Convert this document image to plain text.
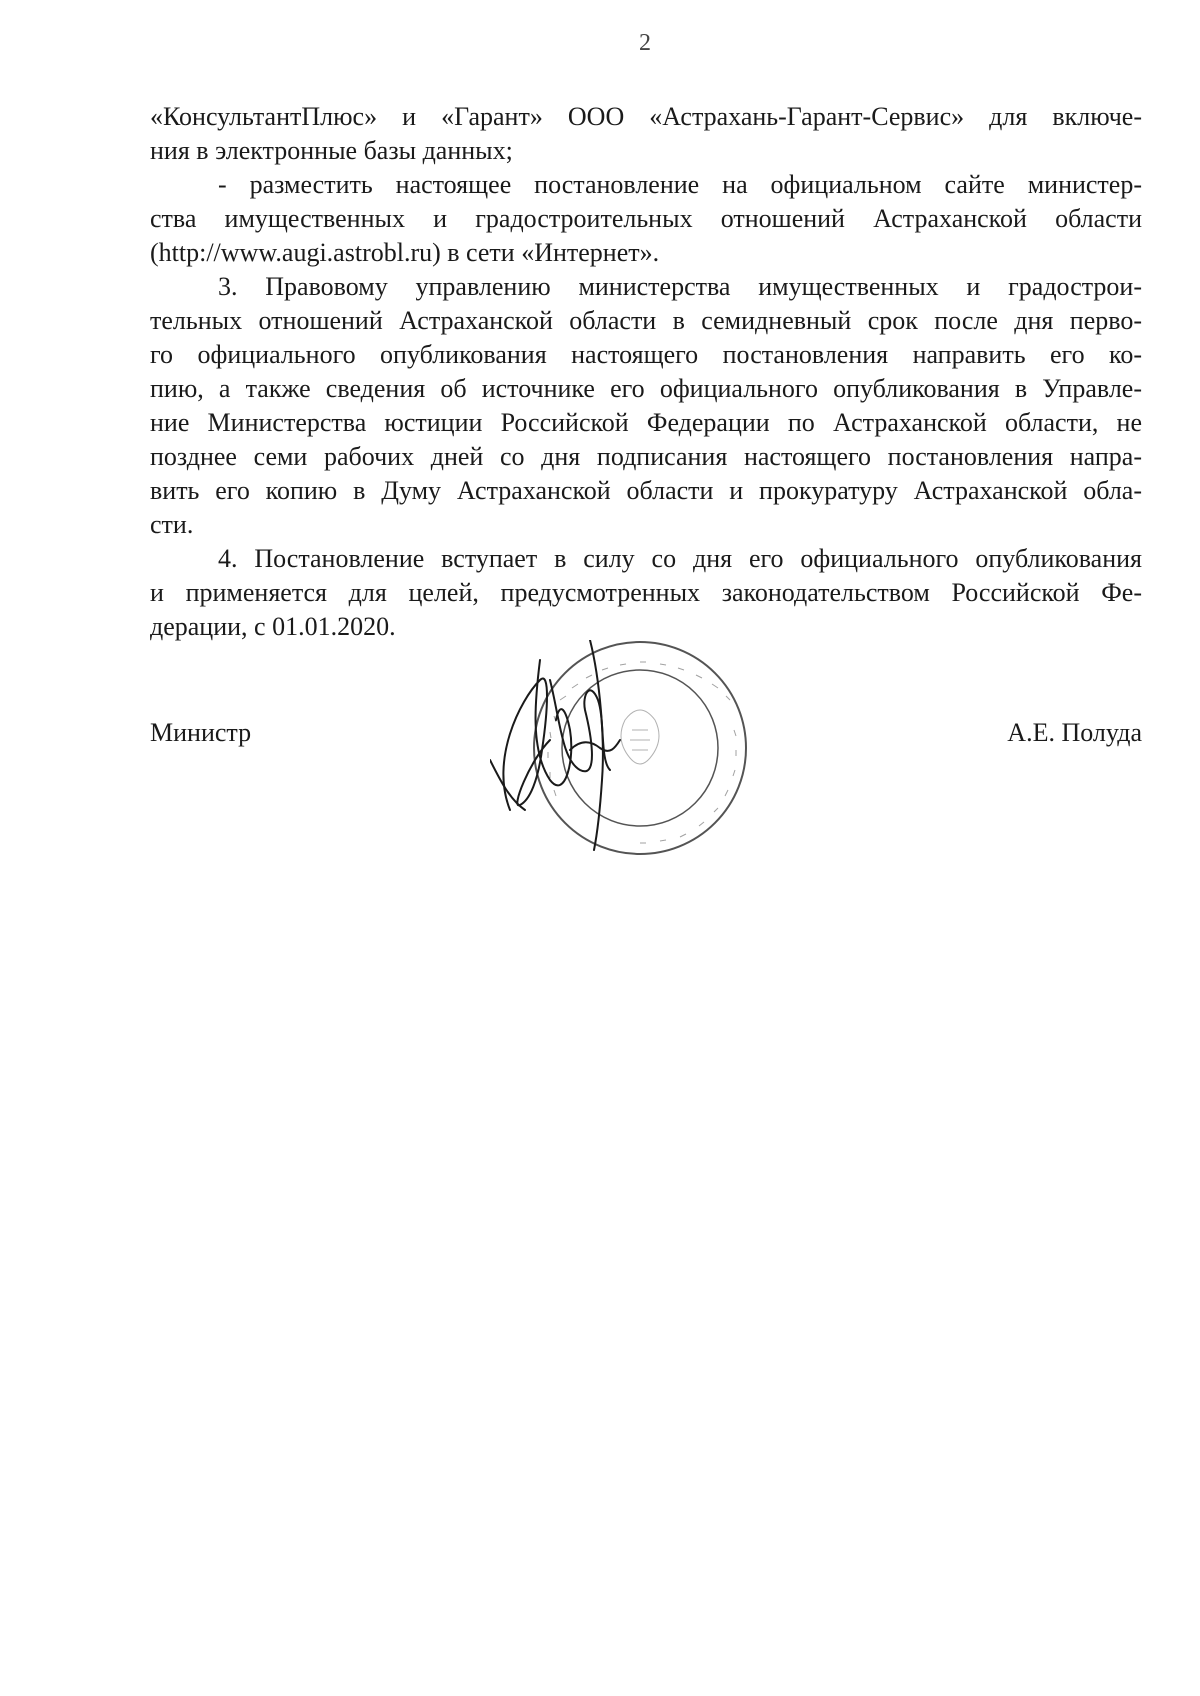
2

«КонсультантПлюс» и «Гарант» ООО «Астрахань-Гарант-Сервис» для включе-
ния в электронные базы данных;

- разместить настоящее постановление на официальном сайте министер-
ства имущественных и градостроительных отношений Астраханской области
(http://www.augi.astrobl.ru) в сети «Интернет».

3. Правовому управлению министерства имущественных и градострои-
тельных отношений Астраханской области в семидневный срок после дня перво-
го официального опубликования настоящего постановления направить его ко-
пию, а также сведения об источнике его официального опубликования в Управле-
ние Министерства юстиции Российской Федерации по Астраханской области, не
позднее семи рабочих дней со дня подписания настоящего постановления напра-
вить его копию в Думу Астраханской области и прокуратуру Астраханской обла-
сти.

4. Постановление вступает в силу со дня его официального опубликования
и применяется для целей, предусмотренных законодательством Российской Фе-
дерации, с 01.01.2020.

Министр	А.Е. Полуда
